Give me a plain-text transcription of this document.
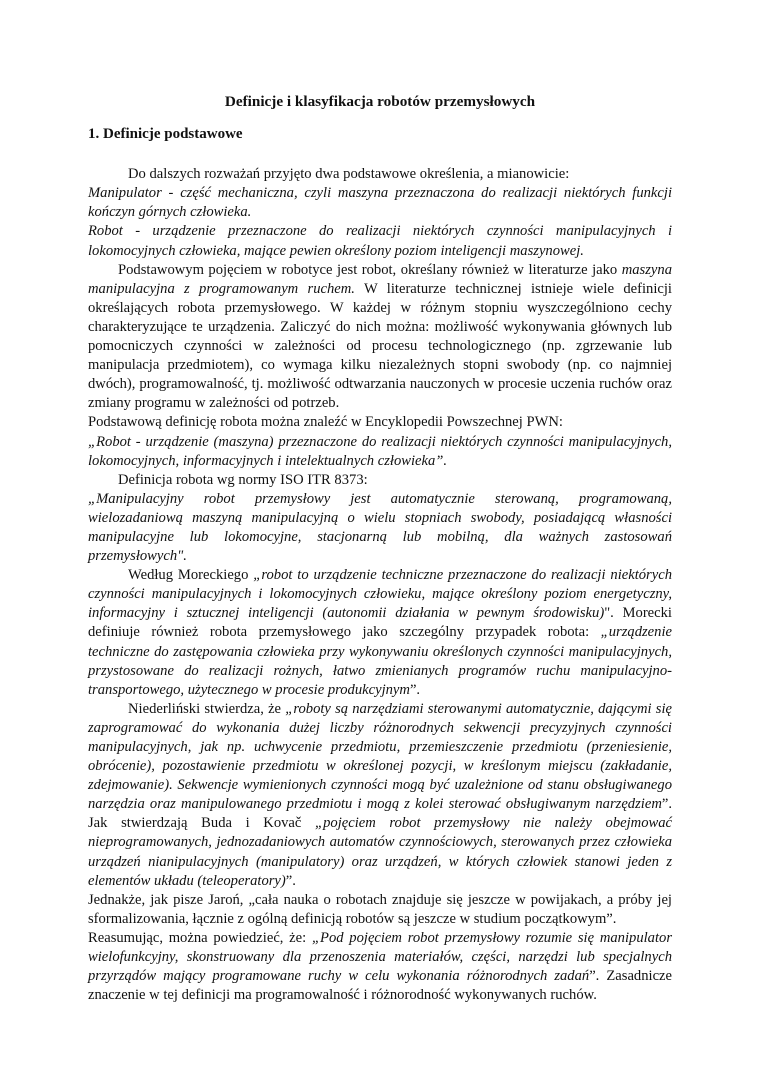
Definicje i klasyfikacja robotów przemysłowych
1. Definicje podstawowe

Do dalszych rozważań przyjęto dwa podstawowe określenia, a mianowicie:

Manipulator - część mechaniczna, czyli maszyna przeznaczona do realizacji niektórych funkcji kończyn górnych człowieka.

Robot - urządzenie przeznaczone do realizacji niektórych czynności manipulacyjnych i lokomocyjnych człowieka, mające pewien określony poziom inteligencji maszynowej.

Podstawowym pojęciem w robotyce jest robot, określany również w literaturze jako maszyna manipulacyjna z programowanym ruchem. W literaturze technicznej istnieje wiele definicji określających robota przemysłowego. W każdej w różnym stopniu wyszczególniono cechy charakteryzujące te urządzenia. Zaliczyć do nich można: możliwość wykonywania głównych lub pomocniczych czynności w zależności od procesu technologicznego (np. zgrzewanie lub manipulacja przedmiotem), co wymaga kilku niezależnych stopni swobody (np. co najmniej dwóch), programowalność, tj. możliwość odtwarzania nauczonych w procesie uczenia ruchów oraz zmiany programu w zależności od potrzeb.

Podstawową definicję robota można znaleźć w Encyklopedii Powszechnej PWN:

„Robot - urządzenie (maszyna) przeznaczone do realizacji niektórych czynności manipulacyjnych, lokomocyjnych, informacyjnych i intelektualnych człowieka”.

Definicja robota wg normy ISO ITR 8373:

„Manipulacyjny robot przemysłowy jest automatycznie sterowaną, programowaną, wielozadaniową maszyną manipulacyjną o wielu stopniach swobody, posiadającą własności manipulacyjne lub lokomocyjne, stacjonarną lub mobilną, dla ważnych zastosowań przemysłowych".

Według Moreckiego „robot to urządzenie techniczne przeznaczone do realizacji niektórych czynności manipulacyjnych i lokomocyjnych człowieku, mające określony poziom energetyczny, informacyjny i sztucznej inteligencji (autonomii działania w pewnym środowisku)". Morecki definiuje również robota przemysłowego jako szczególny przypadek robota: „urządzenie techniczne do zastępowania człowieka przy wykonywaniu określonych czynności manipulacyjnych, przystosowane do realizacji rożnych, łatwo zmienianych programów ruchu manipulacyjno-transportowego, użytecznego w procesie produkcyjnym”.

Niederliński stwierdza, że „roboty są narzędziami sterowanymi automatycznie, dającymi się zaprogramować do wykonania dużej liczby różnorodnych sekwencji precyzyjnych czynności manipulacyjnych, jak np. uchwycenie przedmiotu, przemieszczenie przedmiotu (przeniesienie, obrócenie), pozostawienie przedmiotu w określonej pozycji, w kreślonym miejscu (zakładanie, zdejmowanie). Sekwencje wymienionych czynności mogą być uzależnione od stanu obsługiwanego narzędzia oraz manipulowanego przedmiotu i mogą z kolei sterować obsługiwanym narzędziem”. Jak stwierdzają Buda i Kovač „pojęciem robot przemysłowy nie należy obejmować nieprogramowanych, jednozadaniowych automatów czynnościowych, sterowanych przez człowieka urządzeń nianipulacyjnych (manipulatory) oraz urządzeń, w których człowiek stanowi jeden z elementów układu (teleoperatory)”.

Jednakże, jak pisze Jaroń, „cała nauka o robotach znajduje się jeszcze w powijakach, a próby jej sformalizowania, łącznie z ogólną definicją robotów są jeszcze w studium początkowym”.

Reasumując, można powiedzieć, że: „Pod pojęciem robot przemysłowy rozumie się manipulator wielofunkcyjny, skonstruowany dla przenoszenia materiałów, części, narzędzi lub specjalnych przyrządów mający programowane ruchy w celu wykonania różnorodnych zadań”. Zasadnicze znaczenie w tej definicji ma programowalność i różnorodność wykonywanych ruchów.
